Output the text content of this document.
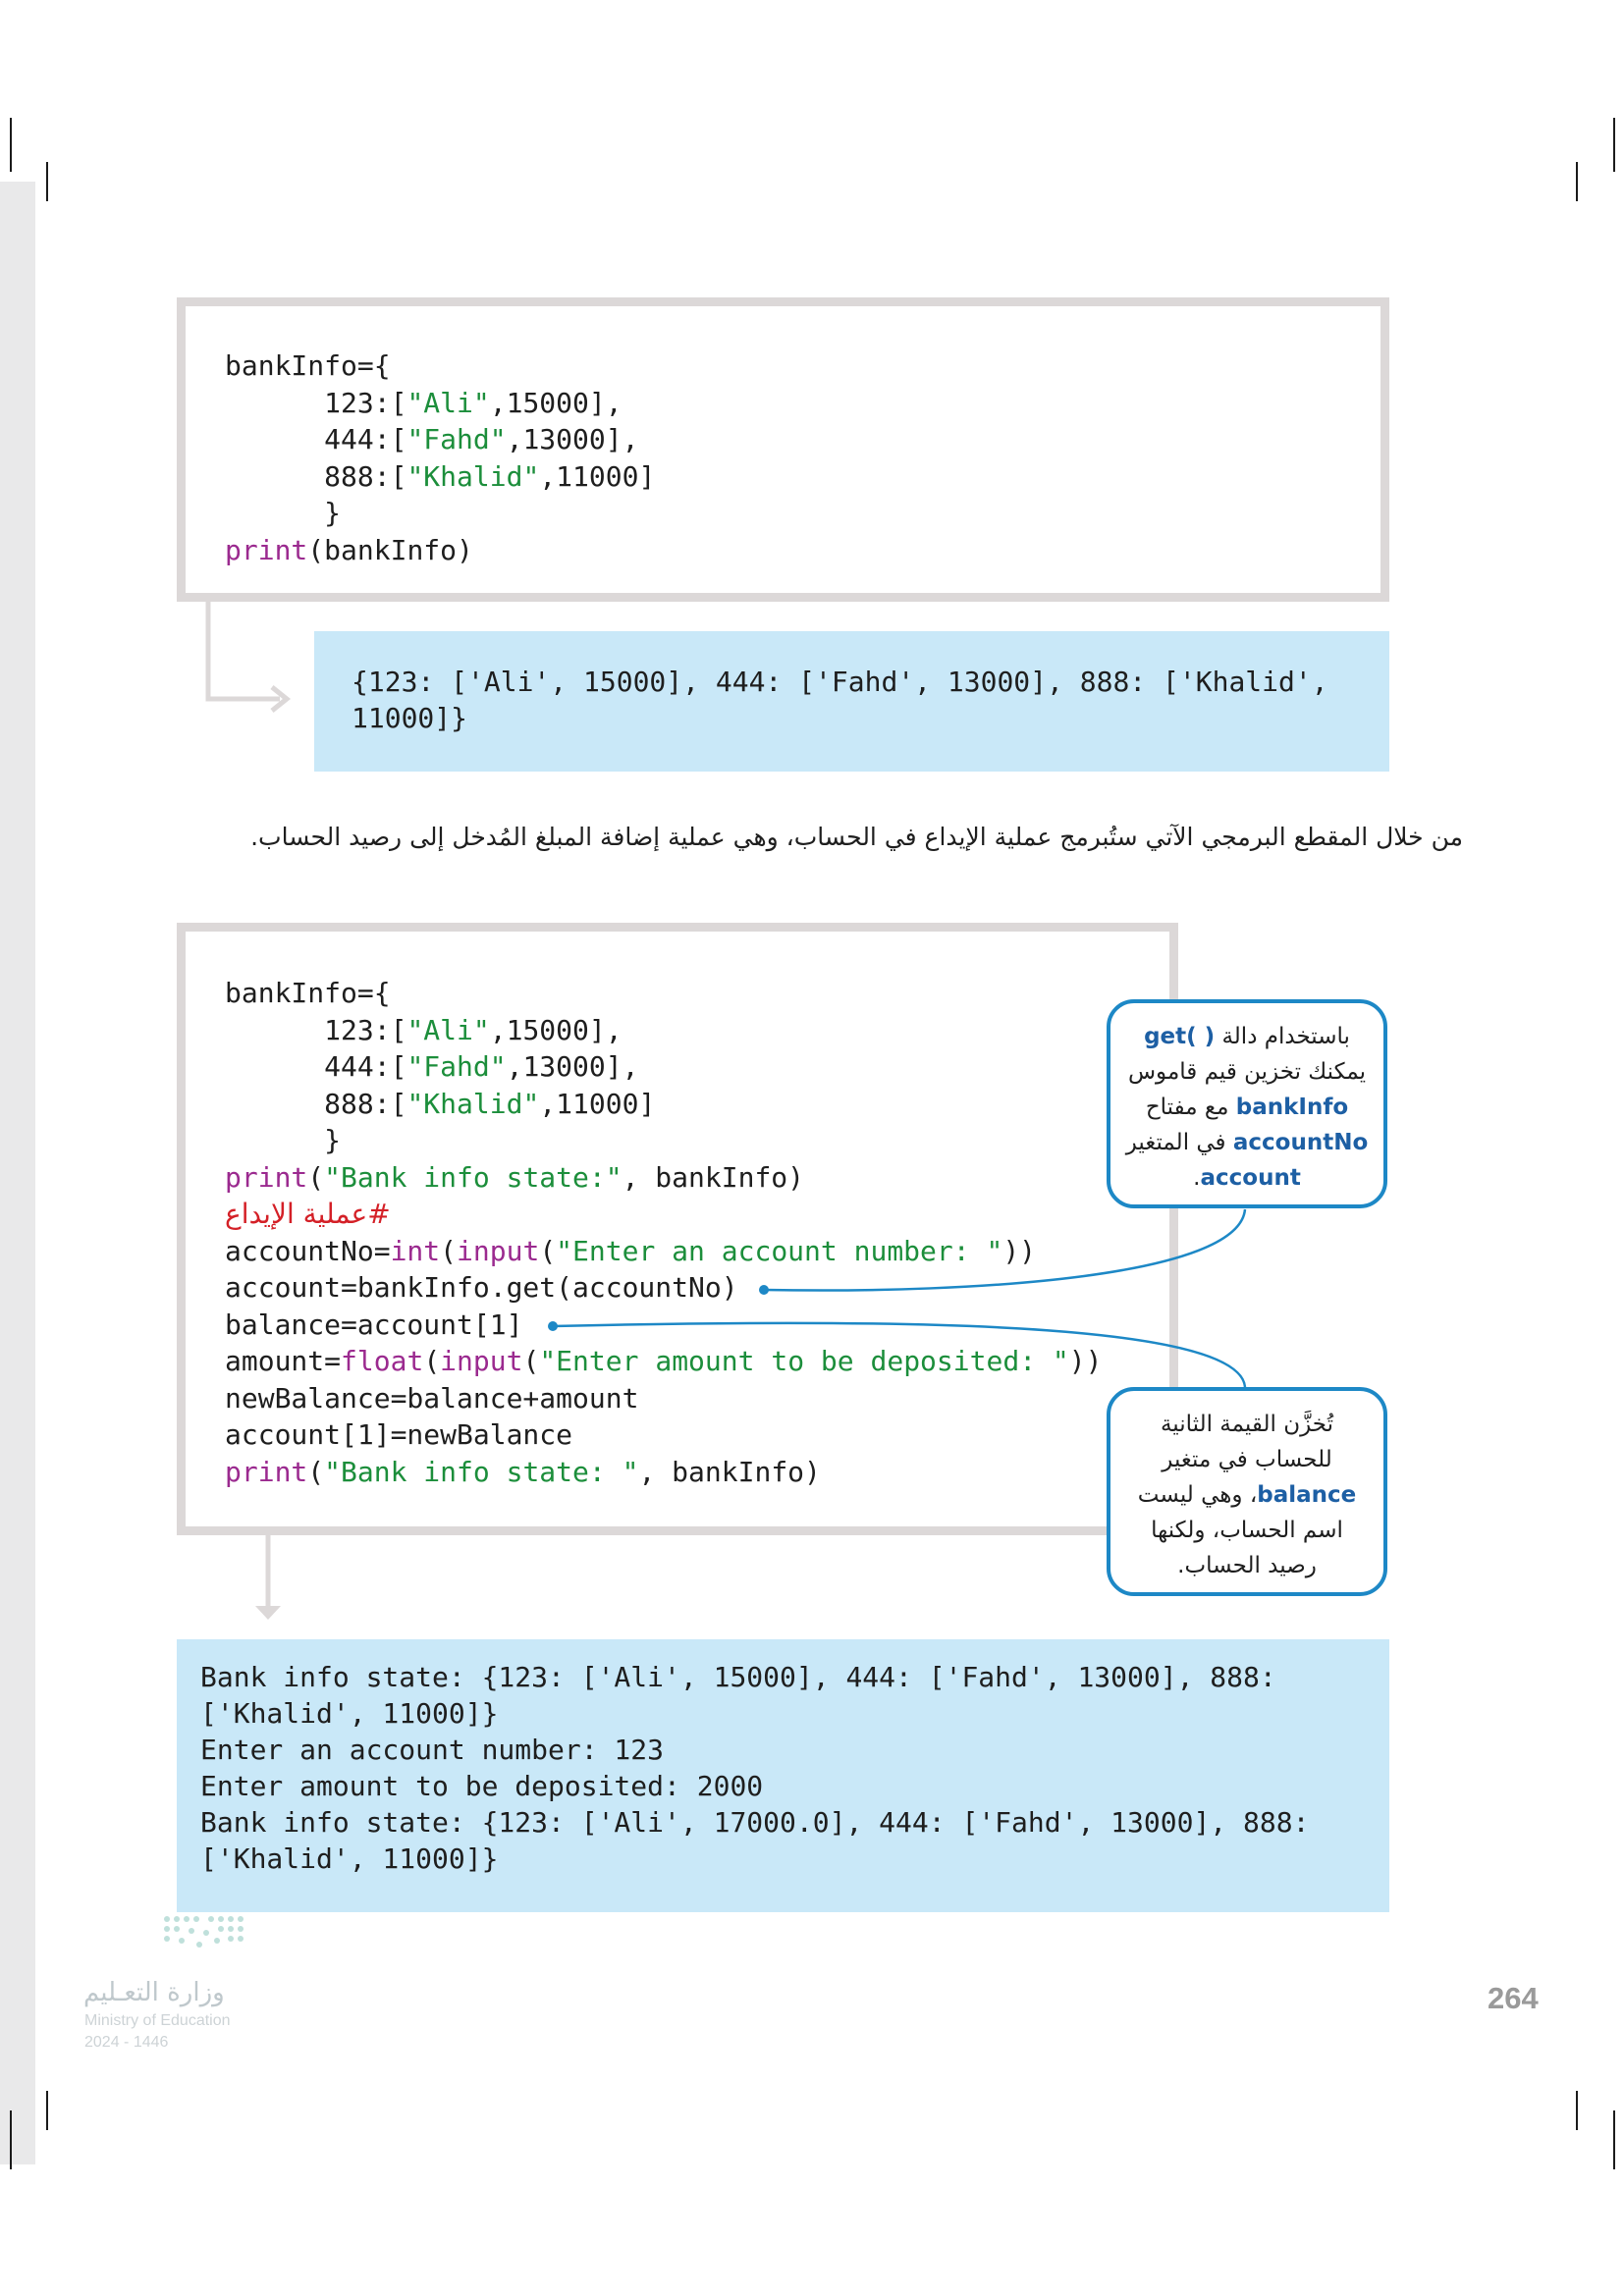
bankInfo={
123:["Ali",15000],
444:["Fahd",13000],
888:["Khalid",11000]
}
print(bankInfo)
{123: ['Ali', 15000], 444: ['Fahd', 13000], 888: ['Khalid',
11000]}

من خلال المقطع البرمجي الآتي ستُبرمج عملية الإيداع في الحساب، وهي عملية إضافة المبلغ المُدخل إلى رصيد الحساب.

bankInfo={
123:["Ali",15000],
444:["Fahd",13000],
888:["Khalid",11000]
}
print("Bank info state:", bankInfo)
#عملية الإيداع
accountNo=int(input("Enter an account number: "))
account=bankInfo.get(accountNo)
balance=account[1]
amount=float(input("Enter amount to be deposited: "))
newBalance=balance+amount
account[1]=newBalance
print("Bank info state: ", bankInfo)
باستخدام دالة get( )
يمكنك تخزين قيم قاموس
bankInfo مع مفتاح
accountNo في المتغير
account.
تُخزَّن القيمة الثانية
للحساب في متغير
balance، وهي ليست
اسم الحساب، ولكنها
رصيد الحساب.
Bank info state: {123: ['Ali', 15000], 444: ['Fahd', 13000], 888:
['Khalid', 11000]}
Enter an account number: 123
Enter amount to be deposited: 2000
Bank info state: {123: ['Ali', 17000.0], 444: ['Fahd', 13000], 888:
['Khalid', 11000]}
وزارة التعـليم
Ministry of Education
2024 - 1446
264
